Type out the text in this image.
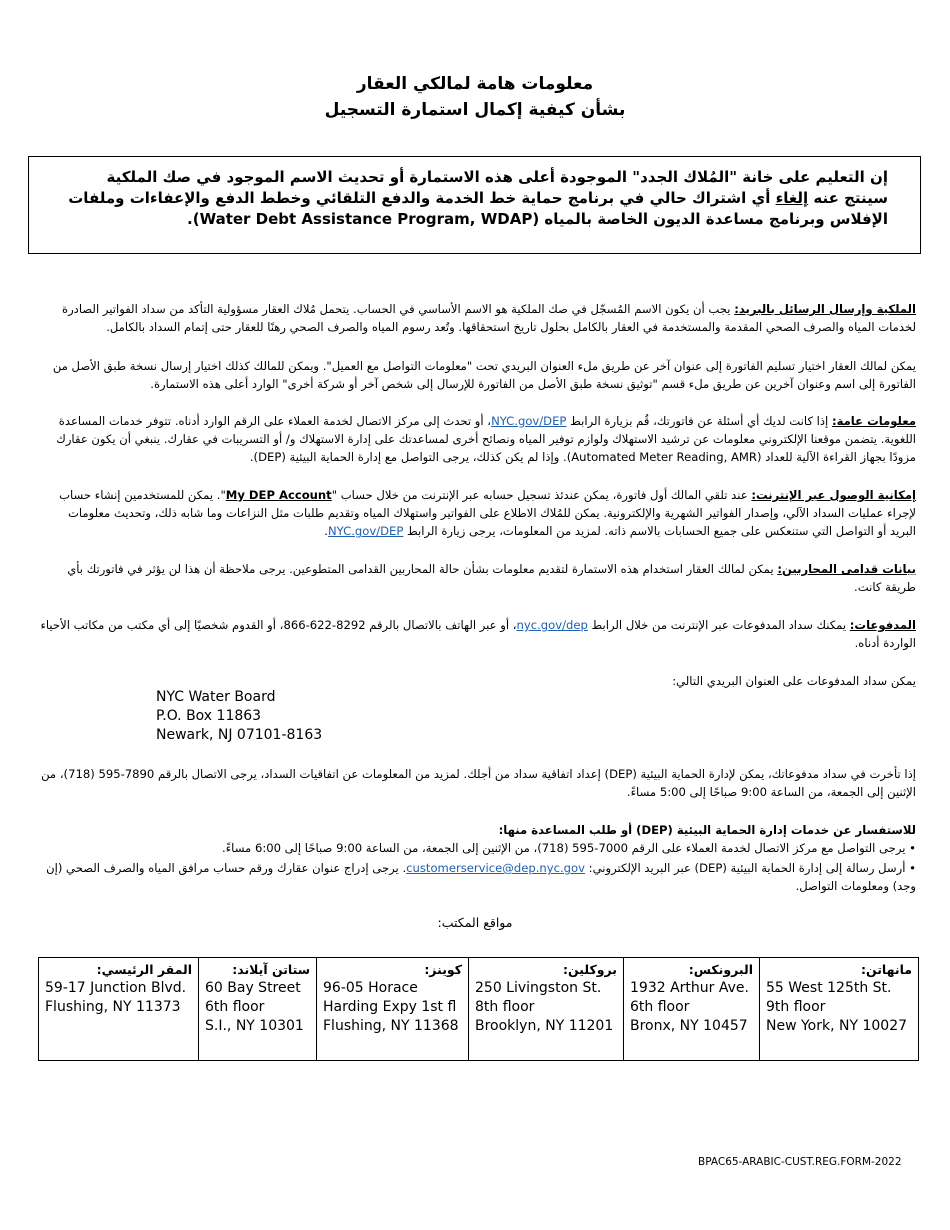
معلومات هامة لمالكي العقار
بشأن كيفية إكمال استمارة التسجيل

إن التعليم على خانة "المُلاك الجدد" الموجودة أعلى هذه الاستمارة أو تحديث الاسم الموجود في صك الملكية سينتج عنه إلغاء أي اشتراك حالي في برنامج حماية خط الخدمة والدفع التلقائي وخطط الدفع والإعفاءات وملفات الإفلاس وبرنامج مساعدة الديون الخاصة بالمياه (Water Debt Assistance Program, WDAP).

الملكية وإرسال الرسائل بالبريد: يجب أن يكون الاسم المُسجّل في صك الملكية هو الاسم الأساسي في الحساب. يتحمل مُلاك العقار مسؤولية التأكد من سداد الفواتير الصادرة لخدمات المياه والصرف الصحي المقدمة والمستخدمة في العقار بالكامل بحلول تاريخ استحقاقها. وتُعد رسوم المياه والصرف الصحي رهنًا للعقار حتى إتمام السداد بالكامل.

يمكن لمالك العقار اختيار تسليم الفاتورة إلى عنوان آخر عن طريق ملء العنوان البريدي تحت "معلومات التواصل مع العميل". ويمكن للمالك كذلك اختيار إرسال نسخة طبق الأصل من الفاتورة إلى اسم وعنوان آخرين عن طريق ملء قسم "توثيق نسخة طبق الأصل من الفاتورة للإرسال إلى شخص آخر أو شركة أخرى" الوارد أعلى هذه الاستمارة.

معلومات عامة: إذا كانت لديك أي أسئلة عن فاتورتك، قُم بزيارة الرابط NYC.gov/DEP، أو تحدث إلى مركز الاتصال لخدمة العملاء على الرقم الوارد أدناه. تتوفر خدمات المساعدة اللغوية. يتضمن موقعنا الإلكتروني معلومات عن ترشيد الاستهلاك ولوازم توفير المياه ونصائح أخرى لمساعدتك على إدارة الاستهلاك و/ أو التسريبات في عقارك. ينبغي أن يكون عقارك مزودًا بجهاز القراءة الآلية للعداد (Automated Meter Reading, AMR). وإذا لم يكن كذلك، يرجى التواصل مع إدارة الحماية البيئية (DEP).

إمكانية الوصول عبر الإنترنت: عند تلقي المالك أول فاتورة، يمكن عندئذ تسجيل حسابه عبر الإنترنت من خلال حساب "My DEP Account". يمكن للمستخدمين إنشاء حساب لإجراء عمليات السداد الآلي، وإصدار الفواتير الشهرية والإلكترونية. يمكن للمُلاك الاطلاع على الفواتير واستهلاك المياه وتقديم طلبات مثل النزاعات وما شابه ذلك، وتحديث معلومات البريد أو التواصل التي ستنعكس على جميع الحسابات بالاسم ذاته. لمزيد من المعلومات، يرجى زيارة الرابط NYC.gov/DEP.

بيانات قدامى المحاربين: يمكن لمالك العقار استخدام هذه الاستمارة لتقديم معلومات بشأن حالة المحاربين القدامى المتطوعين. يرجى ملاحظة أن هذا لن يؤثر في فاتورتك بأي طريقة كانت.

المدفوعات: يمكنك سداد المدفوعات عبر الإنترنت من خلال الرابط nyc.gov/dep، أو عبر الهاتف بالاتصال بالرقم 8292-622-866، أو القدوم شخصيًا إلى أي مكتب من مكاتب الأحياء الواردة أدناه.

يمكن سداد المدفوعات على العنوان البريدي التالي:

NYC Water Board
P.O. Box 11863
Newark, NJ 07101-8163

إذا تأخرت في سداد مدفوعاتك، يمكن لإدارة الحماية البيئية (DEP) إعداد اتفاقية سداد من أجلك. لمزيد من المعلومات عن اتفاقيات السداد، يرجى الاتصال بالرقم 7890-595 (718)، من الإثنين إلى الجمعة، من الساعة 9:00 صباحًا إلى 5:00 مساءً.

للاستفسار عن خدمات إدارة الحماية البيئية (DEP) أو طلب المساعدة منها:

• يرجى التواصل مع مركز الاتصال لخدمة العملاء على الرقم 7000-595 (718)، من الإثنين إلى الجمعة، من الساعة 9:00 صباحًا إلى 6:00 مساءً.
• أرسل رسالة إلى إدارة الحماية البيئية (DEP) عبر البريد الإلكتروني: customerservice@dep.nyc.gov. يرجى إدراج عنوان عقارك ورقم حساب مرافق المياه والصرف الصحي (إن وجد) ومعلومات التواصل.
مواقع المكتب:
المقر الرئيسي:
59-17 Junction Blvd.
Flushing, NY 11373

ستاتن آيلاند:
60 Bay Street
6th floor
S.I., NY 10301

كوينز:
96-05 Horace
Harding Expy 1st fl
Flushing, NY 11368

بروكلين:
250 Livingston St.
8th floor
Brooklyn, NY 11201

البرونكس:
1932 Arthur Ave.
6th floor
Bronx, NY 10457

مانهاتن:
55 West 125th St.
9th floor
New York, NY 10027
BPAC65-ARABIC-CUST.REG.FORM-2022
